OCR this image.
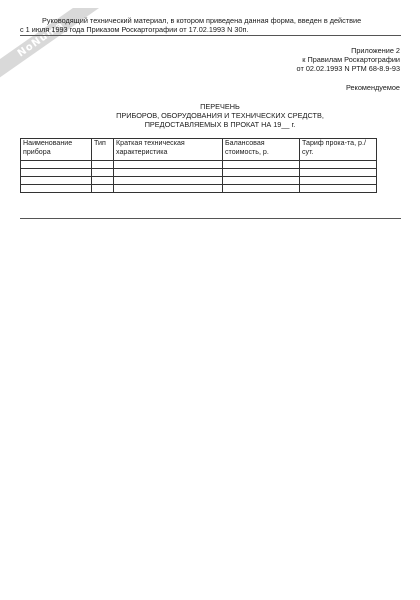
NoNuma
Руководящий технический материал, в котором приведена данная форма, введен в действие
с 1 июля 1993 года Приказом Роскартографии от 17.02.1993 N 30п.
Приложение 2
к Правилам Роскартографии
от 02.02.1993 N РТМ 68-8.9-93
Рекомендуемое
ПЕРЕЧЕНЬ
ПРИБОРОВ, ОБОРУДОВАНИЯ И ТЕХНИЧЕСКИХ СРЕДСТВ,
ПРЕДОСТАВЛЯЕМЫХ В ПРОКАТ НА 19__ г.
Наименование прибора	Тип	Краткая техническая характеристика	Балансовая стоимость, р.	Тариф прока-та, р./сут.
